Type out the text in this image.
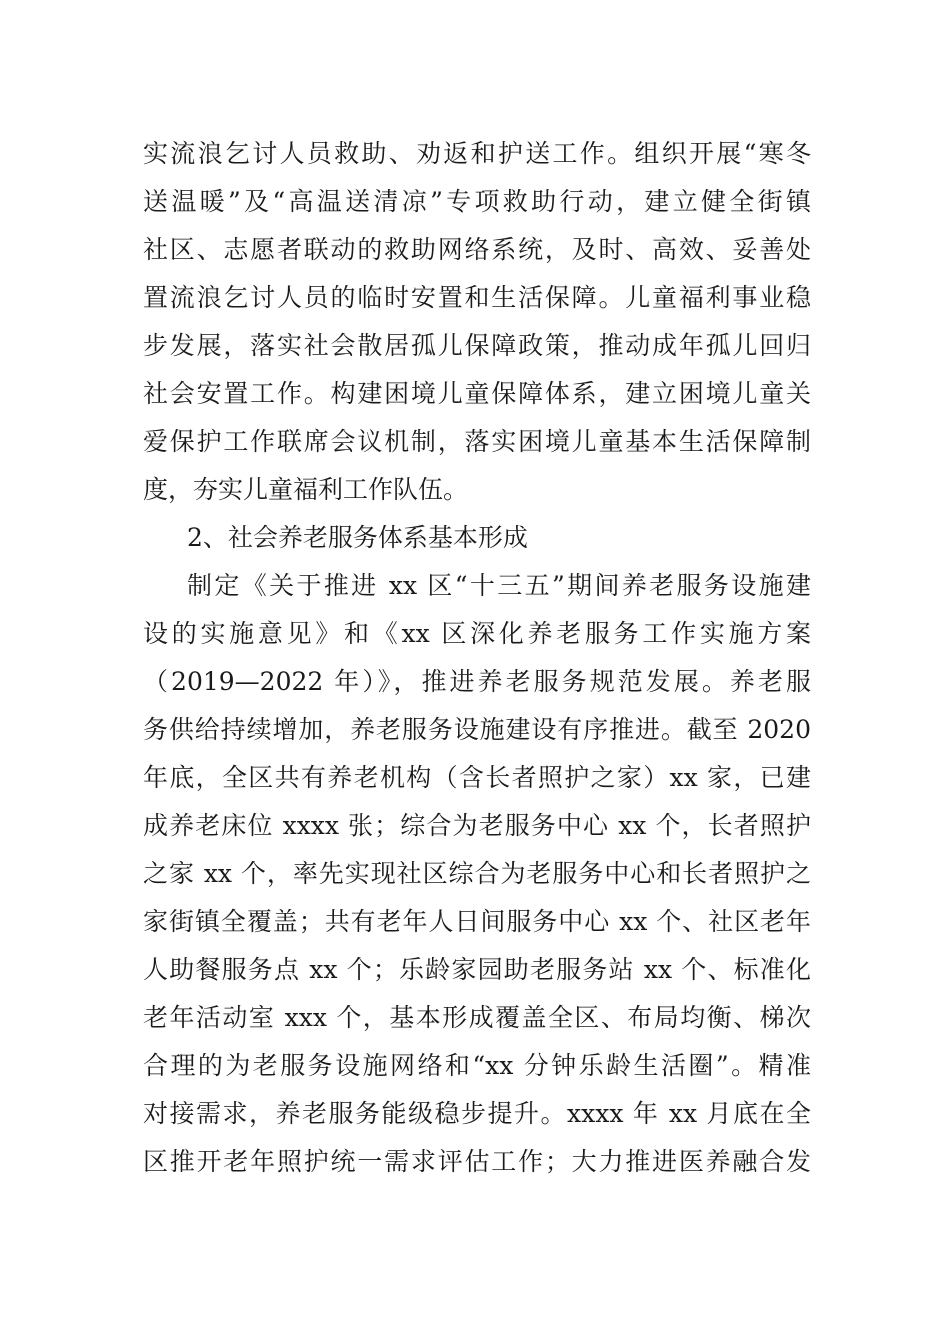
实流浪乞讨人员救助、劝返和护送工作。组织开展“寒冬
送温暖”及“高温送清凉”专项救助行动，建立健全街镇
社区、志愿者联动的救助网络系统，及时、高效、妥善处
置流浪乞讨人员的临时安置和生活保障。儿童福利事业稳
步发展，落实社会散居孤儿保障政策，推动成年孤儿回归
社会安置工作。构建困境儿童保障体系，建立困境儿童关
爱保护工作联席会议机制，落实困境儿童基本生活保障制
度，夯实儿童福利工作队伍。
2、社会养老服务体系基本形成
制定《关于推进 xx 区“十三五”期间养老服务设施建
设的实施意见》和《xx 区深化养老服务工作实施方案
（2019—2022 年）》，推进养老服务规范发展。养老服
务供给持续增加，养老服务设施建设有序推进。截至 2020
年底，全区共有养老机构（含长者照护之家）xx 家，已建
成养老床位 xxxx 张；综合为老服务中心 xx 个，长者照护
之家 xx 个，率先实现社区综合为老服务中心和长者照护之
家街镇全覆盖；共有老年人日间服务中心 xx 个、社区老年
人助餐服务点 xx 个；乐龄家园助老服务站 xx 个、标准化
老年活动室 xxx 个，基本形成覆盖全区、布局均衡、梯次
合理的为老服务设施网络和“xx 分钟乐龄生活圈”。精准
对接需求，养老服务能级稳步提升。xxxx 年 xx 月底在全
区推开老年照护统一需求评估工作；大力推进医养融合发
